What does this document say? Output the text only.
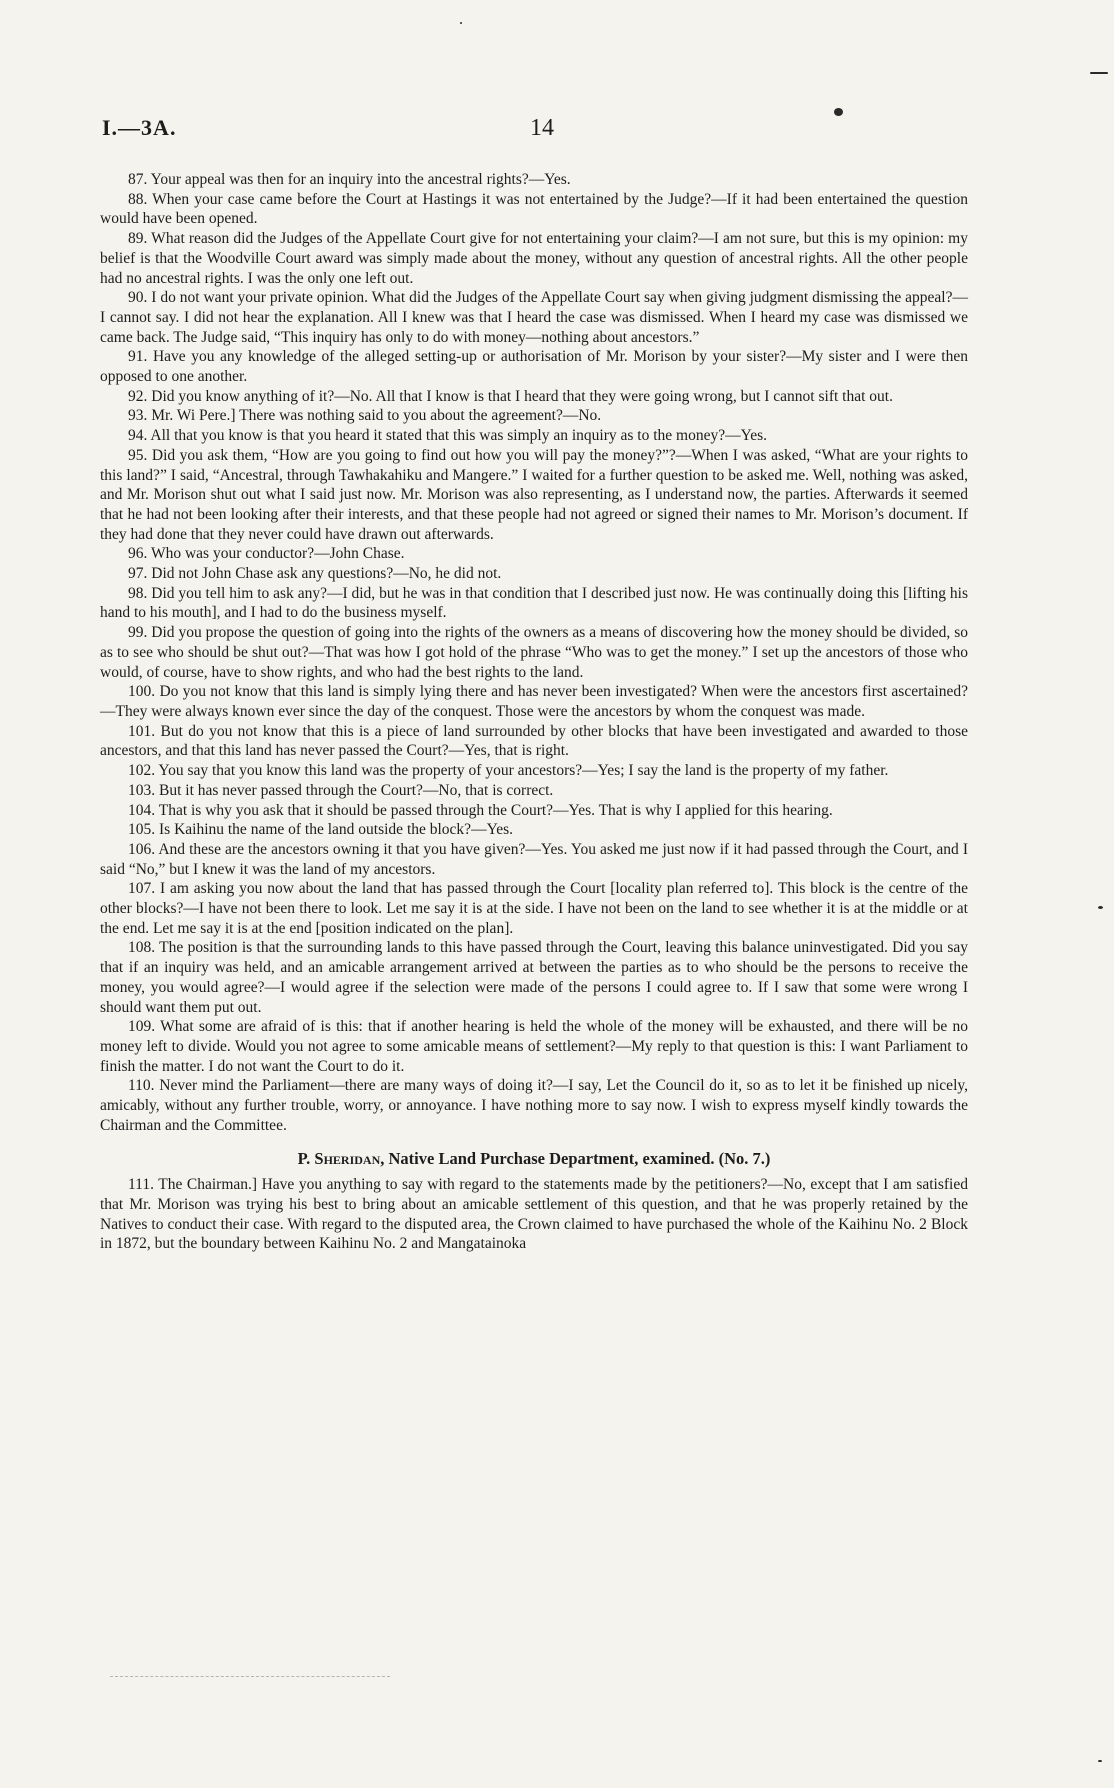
I.—3A.	14

87. Your appeal was then for an inquiry into the ancestral rights?—Yes.

88. When your case came before the Court at Hastings it was not entertained by the Judge?—If it had been entertained the question would have been opened.

89. What reason did the Judges of the Appellate Court give for not entertaining your claim?—I am not sure, but this is my opinion: my belief is that the Woodville Court award was simply made about the money, without any question of ancestral rights. All the other people had no ancestral rights. I was the only one left out.

90. I do not want your private opinion. What did the Judges of the Appellate Court say when giving judgment dismissing the appeal?—I cannot say. I did not hear the explanation. All I knew was that I heard the case was dismissed. When I heard my case was dismissed we came back. The Judge said, “This inquiry has only to do with money—nothing about ancestors.”

91. Have you any knowledge of the alleged setting-up or authorisation of Mr. Morison by your sister?—My sister and I were then opposed to one another.

92. Did you know anything of it?—No. All that I know is that I heard that they were going wrong, but I cannot sift that out.

93. Mr. Wi Pere.] There was nothing said to you about the agreement?—No.

94. All that you know is that you heard it stated that this was simply an inquiry as to the money?—Yes.

95. Did you ask them, “How are you going to find out how you will pay the money?”?—When I was asked, “What are your rights to this land?” I said, “Ancestral, through Tawhakahiku and Mangere.” I waited for a further question to be asked me. Well, nothing was asked, and Mr. Morison shut out what I said just now. Mr. Morison was also representing, as I understand now, the parties. Afterwards it seemed that he had not been looking after their interests, and that these people had not agreed or signed their names to Mr. Morison’s document. If they had done that they never could have drawn out afterwards.

96. Who was your conductor?—John Chase.

97. Did not John Chase ask any questions?—No, he did not.

98. Did you tell him to ask any?—I did, but he was in that condition that I described just now. He was continually doing this [lifting his hand to his mouth], and I had to do the business myself.

99. Did you propose the question of going into the rights of the owners as a means of discovering how the money should be divided, so as to see who should be shut out?—That was how I got hold of the phrase “Who was to get the money.” I set up the ancestors of those who would, of course, have to show rights, and who had the best rights to the land.

100. Do you not know that this land is simply lying there and has never been investigated? When were the ancestors first ascertained?—They were always known ever since the day of the conquest. Those were the ancestors by whom the conquest was made.

101. But do you not know that this is a piece of land surrounded by other blocks that have been investigated and awarded to those ancestors, and that this land has never passed the Court?—Yes, that is right.

102. You say that you know this land was the property of your ancestors?—Yes; I say the land is the property of my father.

103. But it has never passed through the Court?—No, that is correct.

104. That is why you ask that it should be passed through the Court?—Yes. That is why I applied for this hearing.

105. Is Kaihinu the name of the land outside the block?—Yes.

106. And these are the ancestors owning it that you have given?—Yes. You asked me just now if it had passed through the Court, and I said “No,” but I knew it was the land of my ancestors.

107. I am asking you now about the land that has passed through the Court [locality plan referred to]. This block is the centre of the other blocks?—I have not been there to look. Let me say it is at the side. I have not been on the land to see whether it is at the middle or at the end. Let me say it is at the end [position indicated on the plan].

108. The position is that the surrounding lands to this have passed through the Court, leaving this balance uninvestigated. Did you say that if an inquiry was held, and an amicable arrangement arrived at between the parties as to who should be the persons to receive the money, you would agree?—I would agree if the selection were made of the persons I could agree to. If I saw that some were wrong I should want them put out.

109. What some are afraid of is this: that if another hearing is held the whole of the money will be exhausted, and there will be no money left to divide. Would you not agree to some amicable means of settlement?—My reply to that question is this: I want Parliament to finish the matter. I do not want the Court to do it.

110. Never mind the Parliament—there are many ways of doing it?—I say, Let the Council do it, so as to let it be finished up nicely, amicably, without any further trouble, worry, or annoyance. I have nothing more to say now. I wish to express myself kindly towards the Chairman and the Committee.

P. Sheridan, Native Land Purchase Department, examined. (No. 7.)

111. The Chairman.] Have you anything to say with regard to the statements made by the petitioners?—No, except that I am satisfied that Mr. Morison was trying his best to bring about an amicable settlement of this question, and that he was properly retained by the Natives to conduct their case. With regard to the disputed area, the Crown claimed to have purchased the whole of the Kaihinu No. 2 Block in 1872, but the boundary between Kaihinu No. 2 and Mangatainoka
